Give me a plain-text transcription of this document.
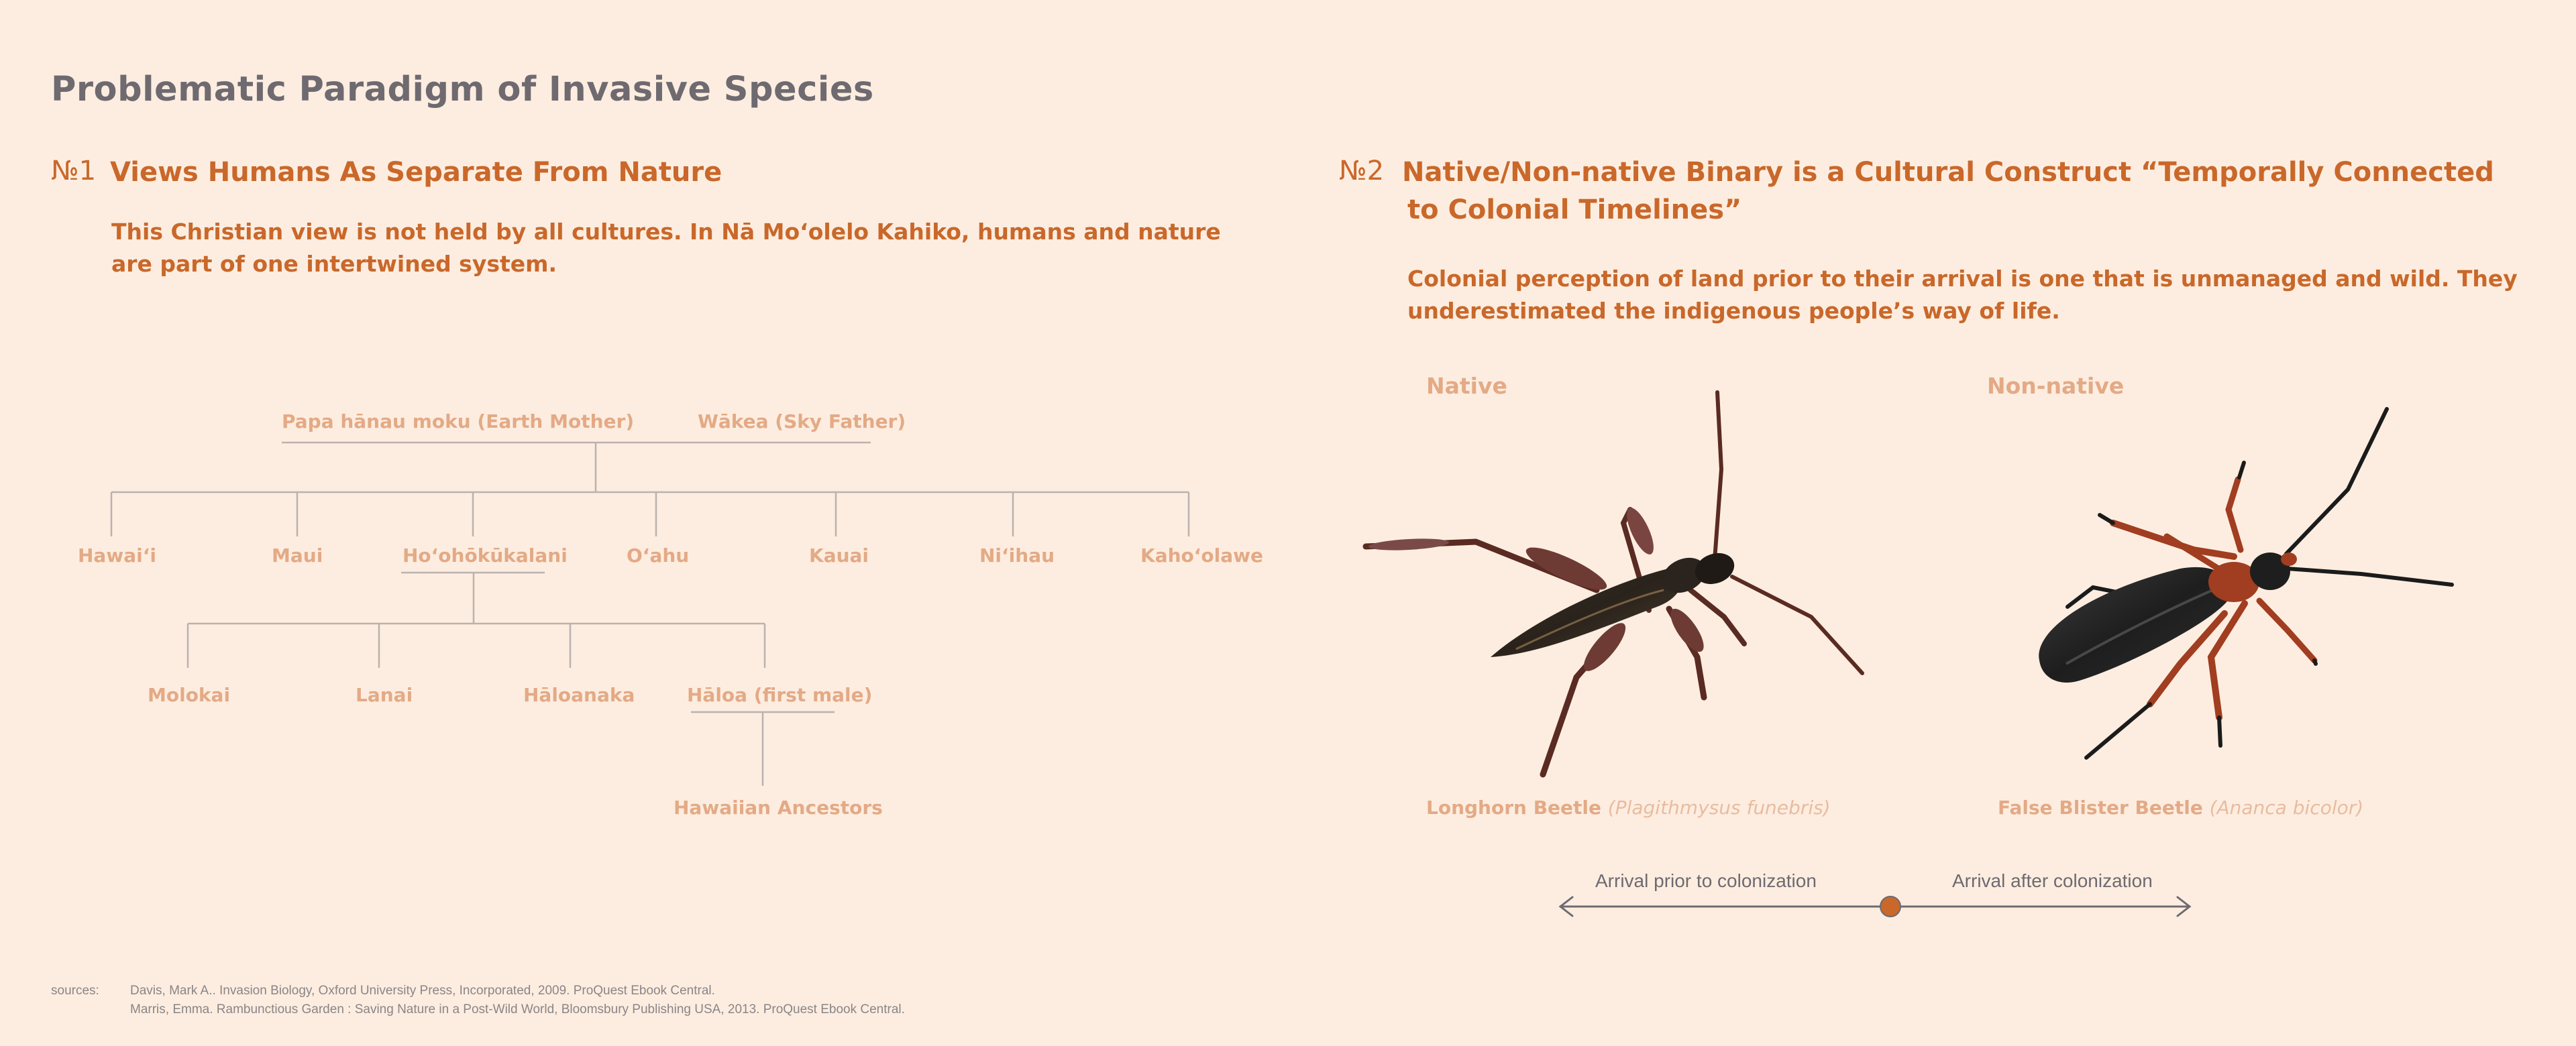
Problematic Paradigm of Invasive Species
№1 Views Humans As Separate From Nature
This Christian view is not held by all cultures. In Nā Moʻolelo Kahiko, humans and nature
are part of one intertwined system.
№2 Native/Non-native Binary is a Cultural Construct “Temporally Connected
to Colonial Timelines”
Colonial perception of land prior to their arrival is one that is unmanaged and wild. They
underestimated the indigenous people’s way of life.
Papa hānau moku (Earth Mother)	Wākea (Sky Father)
Hawaiʻi	Maui	Hoʻohōkūkalani	Oʻahu	Kauai	Niʻihau	Kahoʻolawe
Molokai	Lanai	Hāloanaka	Hāloa (first male)
Hawaiian Ancestors
Native	Non-native
Longhorn Beetle (Plagithmysus funebris)	False Blister Beetle (Ananca bicolor)
Arrival prior to colonization	Arrival after colonization
sources: Davis, Mark A.. Invasion Biology, Oxford University Press, Incorporated, 2009. ProQuest Ebook Central.
Marris, Emma. Rambunctious Garden : Saving Nature in a Post-Wild World, Bloomsbury Publishing USA, 2013. ProQuest Ebook Central.
